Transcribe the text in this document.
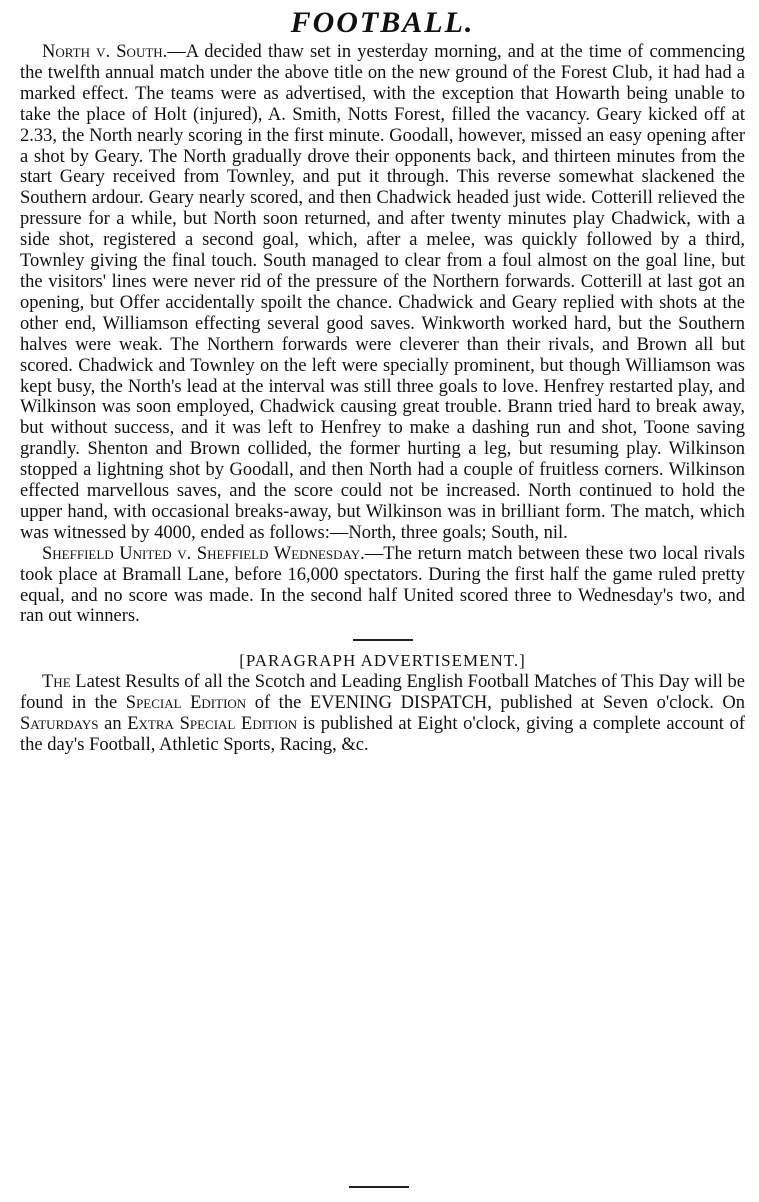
FOOTBALL.

North v. South.—A decided thaw set in yesterday morning, and at the time of commencing the twelfth annual match under the above title on the new ground of the Forest Club, it had had a marked effect. The teams were as advertised, with the exception that Howarth being unable to take the place of Holt (injured), A. Smith, Notts Forest, filled the vacancy. Geary kicked off at 2.33, the North nearly scoring in the first minute. Goodall, however, missed an easy opening after a shot by Geary. The North gradually drove their opponents back, and thirteen minutes from the start Geary received from Townley, and put it through. This reverse somewhat slackened the Southern ardour. Geary nearly scored, and then Chadwick headed just wide. Cotterill relieved the pressure for a while, but North soon returned, and after twenty minutes play Chadwick, with a side shot, registered a second goal, which, after a melee, was quickly followed by a third, Townley giving the final touch. South managed to clear from a foul almost on the goal line, but the visitors' lines were never rid of the pressure of the Northern forwards. Cotterill at last got an opening, but Offer accidentally spoilt the chance. Chadwick and Geary replied with shots at the other end, Williamson effecting several good saves. Winkworth worked hard, but the Southern halves were weak. The Northern forwards were cleverer than their rivals, and Brown all but scored. Chadwick and Townley on the left were specially prominent, but though Williamson was kept busy, the North's lead at the interval was still three goals to love. Henfrey restarted play, and Wilkinson was soon employed, Chadwick causing great trouble. Brann tried hard to break away, but without success, and it was left to Henfrey to make a dashing run and shot, Toone saving grandly. Shenton and Brown collided, the former hurting a leg, but resuming play. Wilkinson stopped a lightning shot by Goodall, and then North had a couple of fruitless corners. Wilkinson effected marvellous saves, and the score could not be increased. North continued to hold the upper hand, with occasional breaks-away, but Wilkinson was in brilliant form. The match, which was witnessed by 4000, ended as follows:—North, three goals; South, nil.

Sheffield United v. Sheffield Wednesday.—The return match between these two local rivals took place at Bramall Lane, before 16,000 spectators. During the first half the game ruled pretty equal, and no score was made. In the second half United scored three to Wednesday's two, and ran out winners.

[PARAGRAPH ADVERTISEMENT.]

The Latest Results of all the Scotch and Leading English Football Matches of This Day will be found in the Special Edition of the EVENING DISPATCH, published at Seven o'clock. On Saturdays an Extra Special Edition is published at Eight o'clock, giving a complete account of the day's Football, Athletic Sports, Racing, &c.
